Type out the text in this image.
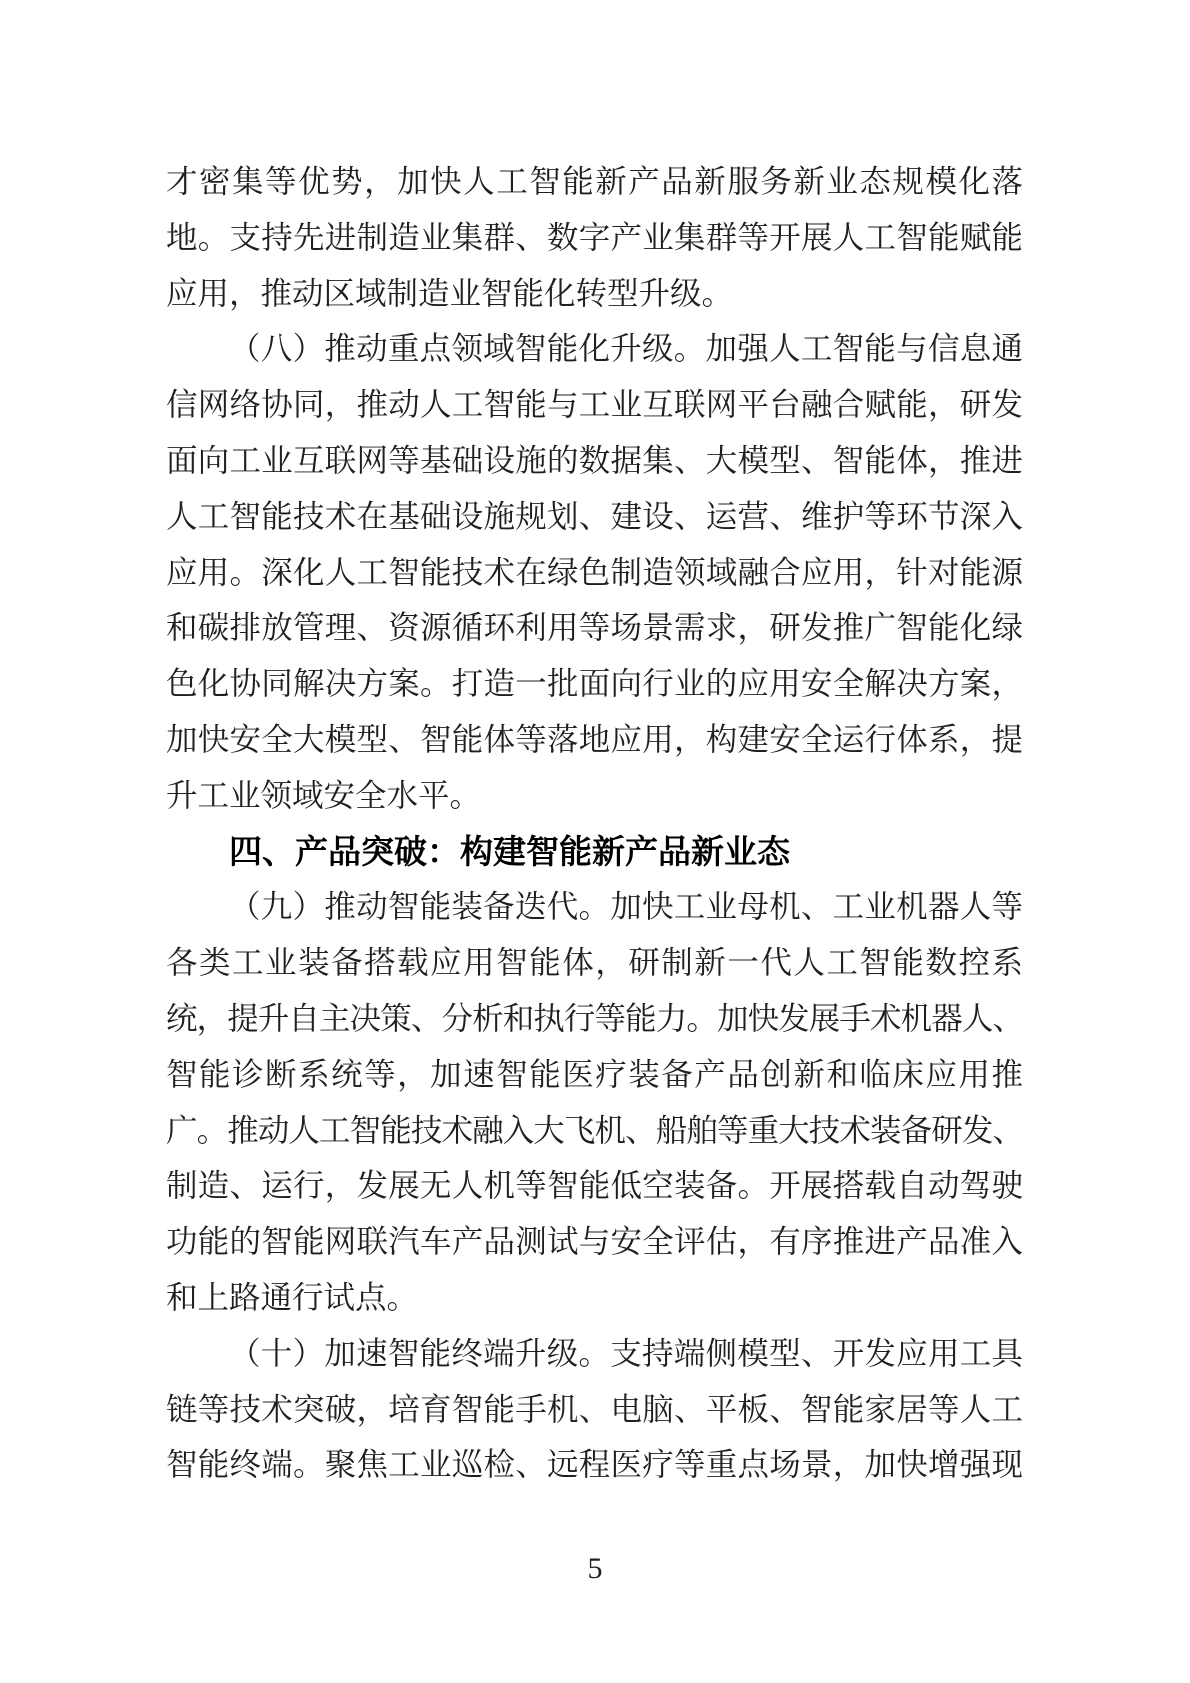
才密集等优势，加快人工智能新产品新服务新业态规模化落
地。支持先进制造业集群、数字产业集群等开展人工智能赋能
应用，推动区域制造业智能化转型升级。
（八）推动重点领域智能化升级。加强人工智能与信息通
信网络协同，推动人工智能与工业互联网平台融合赋能，研发
面向工业互联网等基础设施的数据集、大模型、智能体，推进
人工智能技术在基础设施规划、建设、运营、维护等环节深入
应用。深化人工智能技术在绿色制造领域融合应用，针对能源
和碳排放管理、资源循环利用等场景需求，研发推广智能化绿
色化协同解决方案。打造一批面向行业的应用安全解决方案，
加快安全大模型、智能体等落地应用，构建安全运行体系，提
升工业领域安全水平。
四、产品突破：构建智能新产品新业态
（九）推动智能装备迭代。加快工业母机、工业机器人等
各类工业装备搭载应用智能体，研制新一代人工智能数控系
统，提升自主决策、分析和执行等能力。加快发展手术机器人、
智能诊断系统等，加速智能医疗装备产品创新和临床应用推
广。推动人工智能技术融入大飞机、船舶等重大技术装备研发、
制造、运行，发展无人机等智能低空装备。开展搭载自动驾驶
功能的智能网联汽车产品测试与安全评估，有序推进产品准入
和上路通行试点。
（十）加速智能终端升级。支持端侧模型、开发应用工具
链等技术突破，培育智能手机、电脑、平板、智能家居等人工
智能终端。聚焦工业巡检、远程医疗等重点场景，加快增强现
5
